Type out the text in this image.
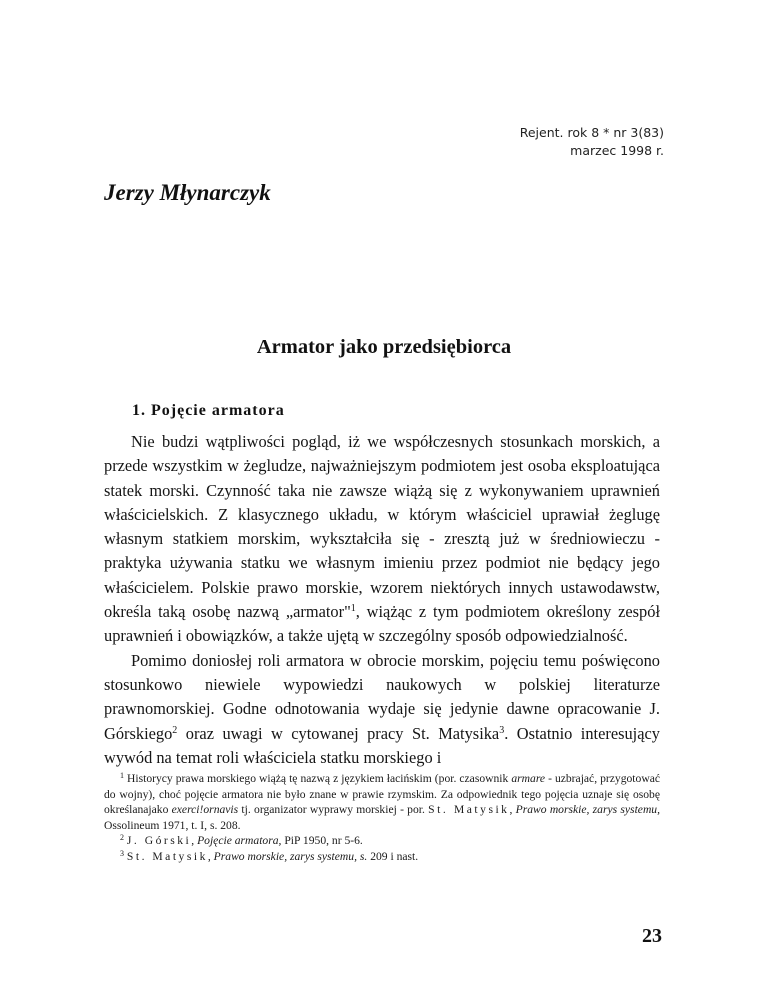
Rejent. rok 8 * nr 3(83)
marzec 1998 r.
Jerzy Młynarczyk
Armator jako przedsiębiorca
1. Pojęcie armatora

Nie budzi wątpliwości pogląd, iż we współczesnych stosunkach morskich, a przede wszystkim w żegludze, najważniejszym podmiotem jest osoba eksploatująca statek morski. Czynność taka nie zawsze wiążą się z wykonywaniem uprawnień właścicielskich. Z klasycznego układu, w którym właściciel uprawiał żeglugę własnym statkiem morskim, wykształciła się - zresztą już w średniowieczu - praktyka używania statku we własnym imieniu przez podmiot nie będący jego właścicielem. Polskie prawo morskie, wzorem niektórych innych ustawodawstw, określa taką osobę nazwą „armator"$^1$, wiążąc z tym podmiotem określony zespół uprawnień i obowiązków, a także ujętą w szczególny sposób odpowiedzialność.

Pomimo doniosłej roli armatora w obrocie morskim, pojęciu temu poświęcono stosunkowo niewiele wypowiedzi naukowych w polskiej literaturze prawnomorskiej. Godne odnotowania wydaje się jedynie dawne opracowanie J. Górskiego$^2$ oraz uwagi w cytowanej pracy St. Matysika$^3$. Ostatnio interesujący wywód na temat roli właściciela statku morskiego i

$^1$ Historycy prawa morskiego wiążą tę nazwą z językiem łacińskim (por. czasownik armare - uzbrajać, przygotować do wojny), choć pojęcie armatora nie było znane w prawie rzymskim. Za odpowiednik tego pojęcia uznaje się osobę określanajako exerci!ornavis tj. organizator wyprawy morskiej - por. St. Matysik, Prawo morskie, zarys systemu, Ossolineum 1971, t. I, s. 208.
$^2$ J. Górski, Pojęcie armatora, PiP 1950, nr 5-6.
$^3$ St. Matysik, Prawo morskie, zarys systemu, s. 209 i nast.
23
